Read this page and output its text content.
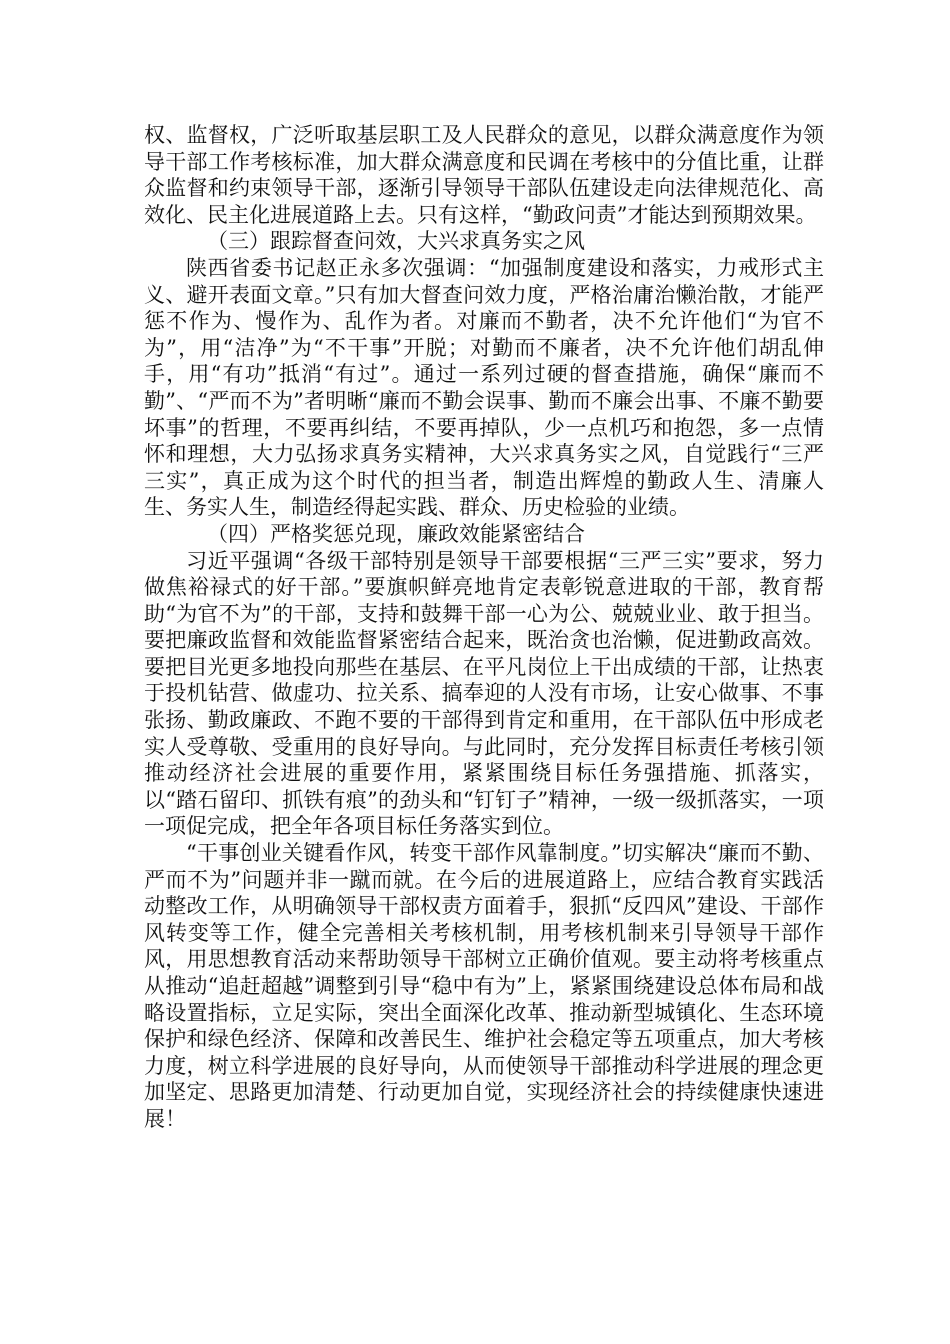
权、监督权，广泛听取基层职工及人民群众的意见，以群众满意度作为领导干部工作考核标准，加大群众满意度和民调在考核中的分值比重，让群众监督和约束领导干部，逐渐引导领导干部队伍建设走向法律规范化、高效化、民主化进展道路上去。只有这样，“勤政问责”才能达到预期效果。

（三）跟踪督查问效，大兴求真务实之风

陕西省委书记赵正永多次强调：“加强制度建设和落实，力戒形式主义、避开表面文章。”只有加大督查问效力度，严格治庸治懒治散，才能严惩不作为、慢作为、乱作为者。对廉而不勤者，决不允许他们“为官不为”，用“洁净”为“不干事”开脱；对勤而不廉者，决不允许他们胡乱伸手，用“有功”抵消“有过”。通过一系列过硬的督查措施，确保“廉而不勤”、“严而不为”者明晰“廉而不勤会误事、勤而不廉会出事、不廉不勤要坏事”的哲理，不要再纠结，不要再掉队，少一点机巧和抱怨，多一点情怀和理想，大力弘扬求真务实精神，大兴求真务实之风，自觉践行“三严三实”，真正成为这个时代的担当者，制造出辉煌的勤政人生、清廉人生、务实人生，制造经得起实践、群众、历史检验的业绩。

（四）严格奖惩兑现，廉政效能紧密结合

习近平强调“各级干部特别是领导干部要根据“三严三实”要求，努力做焦裕禄式的好干部。”要旗帜鲜亮地肯定表彰锐意进取的干部，教育帮助“为官不为”的干部，支持和鼓舞干部一心为公、兢兢业业、敢于担当。要把廉政监督和效能监督紧密结合起来，既治贪也治懒，促进勤政高效。要把目光更多地投向那些在基层、在平凡岗位上干出成绩的干部，让热衷于投机钻营、做虚功、拉关系、搞奉迎的人没有市场，让安心做事、不事张扬、勤政廉政、不跑不要的干部得到肯定和重用，在干部队伍中形成老实人受尊敬、受重用的良好导向。与此同时，充分发挥目标责任考核引领推动经济社会进展的重要作用，紧紧围绕目标任务强措施、抓落实，以“踏石留印、抓铁有痕”的劲头和“钉钉子”精神，一级一级抓落实，一项一项促完成，把全年各项目标任务落实到位。

“干事创业关键看作风，转变干部作风靠制度。”切实解决“廉而不勤、严而不为”问题并非一蹴而就。在今后的进展道路上，应结合教育实践活动整改工作，从明确领导干部权责方面着手，狠抓“反四风”建设、干部作风转变等工作，健全完善相关考核机制，用考核机制来引导领导干部作风，用思想教育活动来帮助领导干部树立正确价值观。要主动将考核重点从推动“追赶超越”调整到引导“稳中有为”上，紧紧围绕建设总体布局和战略设置指标，立足实际，突出全面深化改革、推动新型城镇化、生态环境保护和绿色经济、保障和改善民生、维护社会稳定等五项重点，加大考核力度，树立科学进展的良好导向，从而使领导干部推动科学进展的理念更加坚定、思路更加清楚、行动更加自觉，实现经济社会的持续健康快速进展！
